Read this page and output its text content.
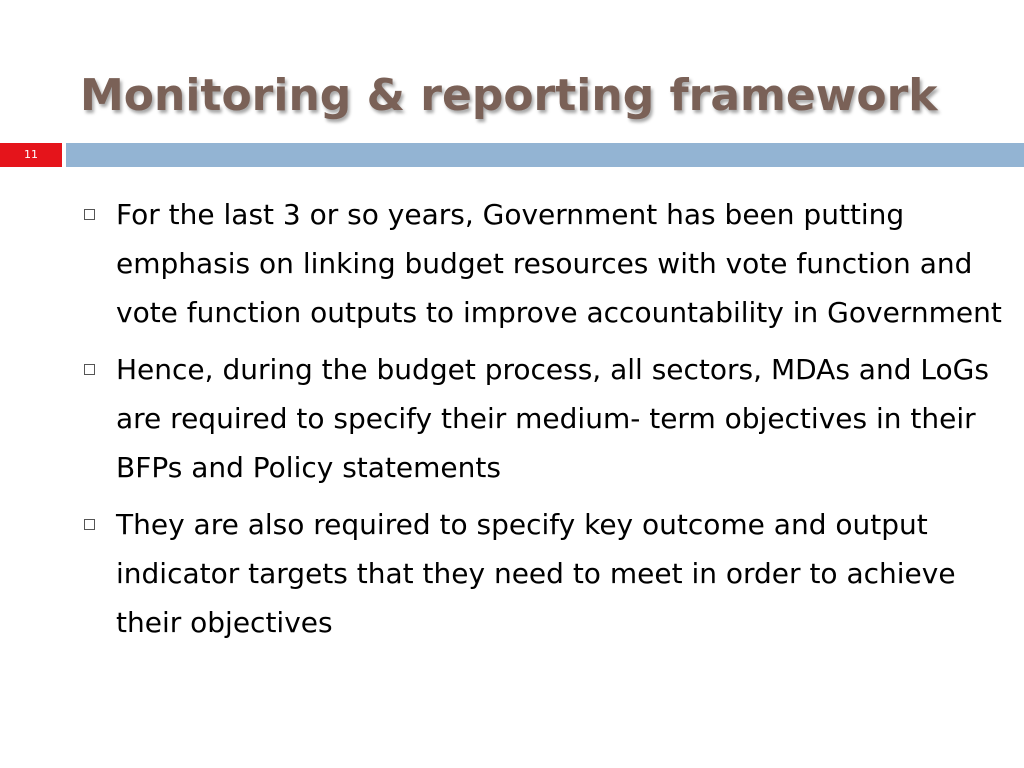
Monitoring & reporting framework
11
For the last 3 or so years, Government has been putting emphasis on linking budget resources with vote function and vote function outputs to improve accountability in Government
Hence, during the budget process, all sectors, MDAs and LoGs are required to specify their medium- term objectives in their BFPs and Policy statements
They are also required to specify key outcome and output indicator targets that they need to meet in order to achieve their objectives
